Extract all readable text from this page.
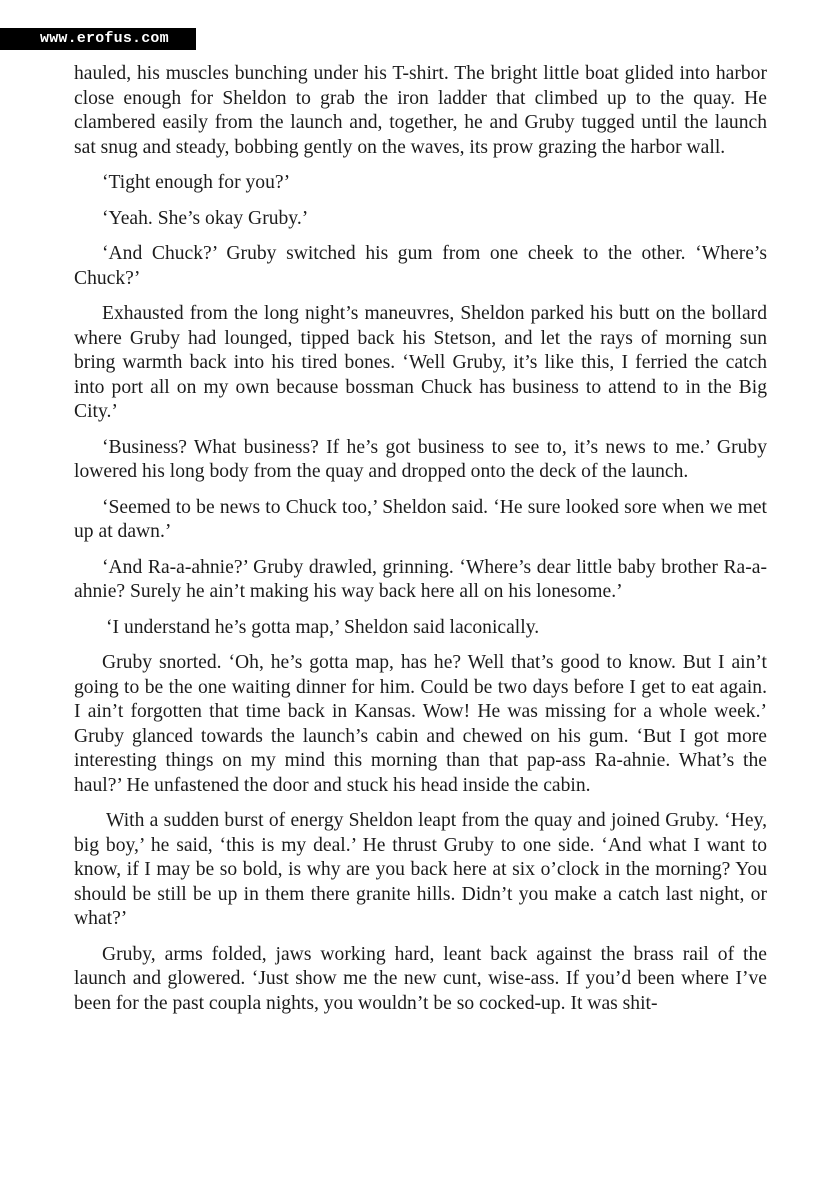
www.erofus.com

hauled, his muscles bunching under his T-shirt. The bright little boat glided into harbor close enough for Sheldon to grab the iron ladder that climbed up to the quay. He clambered easily from the launch and, together, he and Gruby tugged until the launch sat snug and steady, bobbing gently on the waves, its prow grazing the harbor wall.

‘Tight enough for you?’

‘Yeah. She’s okay Gruby.’

‘And Chuck?’ Gruby switched his gum from one cheek to the other. ‘Where’s Chuck?’

Exhausted from the long night’s maneuvres, Sheldon parked his butt on the bollard where Gruby had lounged, tipped back his Stetson, and let the rays of morning sun bring warmth back into his tired bones. ‘Well Gruby, it’s like this, I ferried the catch into port all on my own because bossman Chuck has business to attend to in the Big City.’

‘Business? What business? If he’s got business to see to, it’s news to me.’ Gruby lowered his long body from the quay and dropped onto the deck of the launch.

‘Seemed to be news to Chuck too,’ Sheldon said. ‘He sure looked sore when we met up at dawn.’

‘And Ra-a-ahnie?’ Gruby drawled, grinning. ‘Where’s dear little baby brother Ra-a-ahnie? Surely he ain’t making his way back here all on his lonesome.’

‘I understand he’s gotta map,’ Sheldon said laconically.

Gruby snorted. ‘Oh, he’s gotta map, has he? Well that’s good to know. But I ain’t going to be the one waiting dinner for him. Could be two days before I get to eat again. I ain’t forgotten that time back in Kansas. Wow! He was missing for a whole week.’ Gruby glanced towards the launch’s cabin and chewed on his gum. ‘But I got more interesting things on my mind this morning than that pap-ass Ra-ahnie. What’s the haul?’ He unfastened the door and stuck his head inside the cabin.

With a sudden burst of energy Sheldon leapt from the quay and joined Gruby. ‘Hey, big boy,’ he said, ‘this is my deal.’ He thrust Gruby to one side. ‘And what I want to know, if I may be so bold, is why are you back here at six o’clock in the morning? You should be still be up in them there granite hills. Didn’t you make a catch last night, or what?’

Gruby, arms folded, jaws working hard, leant back against the brass rail of the launch and glowered. ‘Just show me the new cunt, wise-ass. If you’d been where I’ve been for the past coupla nights, you wouldn’t be so cocked-up. It was shit-
